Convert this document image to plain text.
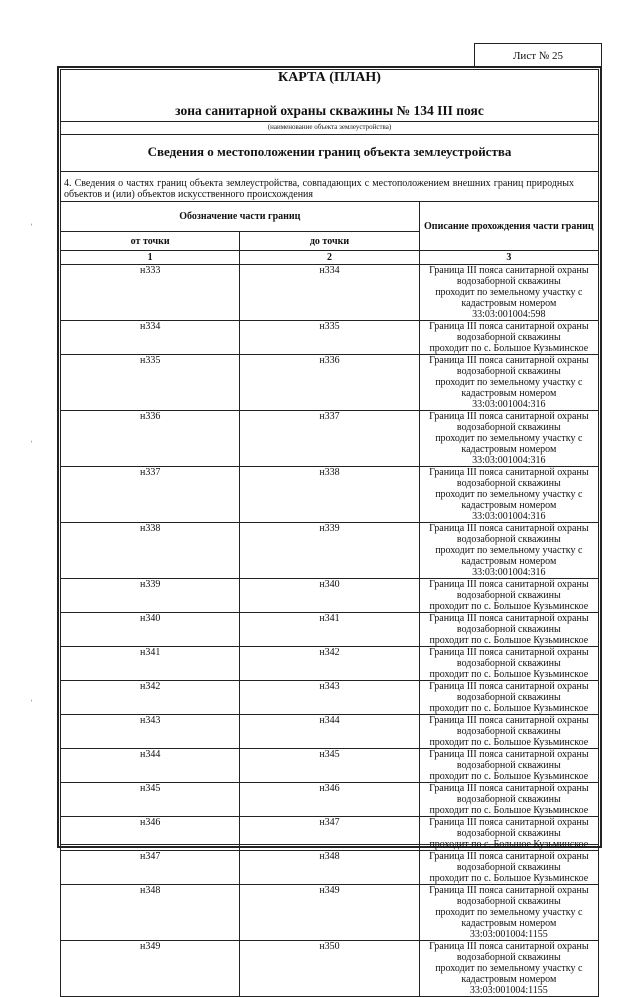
Лист № 25
КАРТА (ПЛАН)
зона санитарной охраны скважины № 134 III пояс
(наименование объекта землеустройства)
Сведения о местоположении границ объекта землеустройства
4. Сведения о частях границ объекта землеустройства, совпадающих с местоположением внешних границ природных объектов и (или) объектов искусственного происхождения
Обозначение части границ		Описание прохождения части границ
от точки	до точки	
1	2	3
н333	н334	Граница III пояса санитарной охраны водозаборной скважины
проходит по земельному участку с кадастровым номером
33:03:001004:598

н334	н335	Граница III пояса санитарной охраны водозаборной скважины
проходит по с. Большое Кузьминское

н335	н336	Граница III пояса санитарной охраны водозаборной скважины
проходит по земельному участку с кадастровым номером
33:03:001004:316

н336	н337	Граница III пояса санитарной охраны водозаборной скважины
проходит по земельному участку с кадастровым номером
33:03:001004:316

н337	н338	Граница III пояса санитарной охраны водозаборной скважины
проходит по земельному участку с кадастровым номером
33:03:001004:316

н338	н339	Граница III пояса санитарной охраны водозаборной скважины
проходит по земельному участку с кадастровым номером
33:03:001004:316

н339	н340	Граница III пояса санитарной охраны водозаборной скважины
проходит по с. Большое Кузьминское

н340	н341	Граница III пояса санитарной охраны водозаборной скважины
проходит по с. Большое Кузьминское

н341	н342	Граница III пояса санитарной охраны водозаборной скважины
проходит по с. Большое Кузьминское

н342	н343	Граница III пояса санитарной охраны водозаборной скважины
проходит по с. Большое Кузьминское

н343	н344	Граница III пояса санитарной охраны водозаборной скважины
проходит по с. Большое Кузьминское

н344	н345	Граница III пояса санитарной охраны водозаборной скважины
проходит по с. Большое Кузьминское

н345	н346	Граница III пояса санитарной охраны водозаборной скважины
проходит по с. Большое Кузьминское

н346	н347	Граница III пояса санитарной охраны водозаборной скважины
проходит по с. Большое Кузьминское

н347	н348	Граница III пояса санитарной охраны водозаборной скважины
проходит по с. Большое Кузьминское

н348	н349	Граница III пояса санитарной охраны водозаборной скважины
проходит по земельному участку с кадастровым номером
33:03:001004:1155

н349	н350	Граница III пояса санитарной охраны водозаборной скважины
проходит по земельному участку с кадастровым номером
33:03:001004:1155
˒
˒
˒
